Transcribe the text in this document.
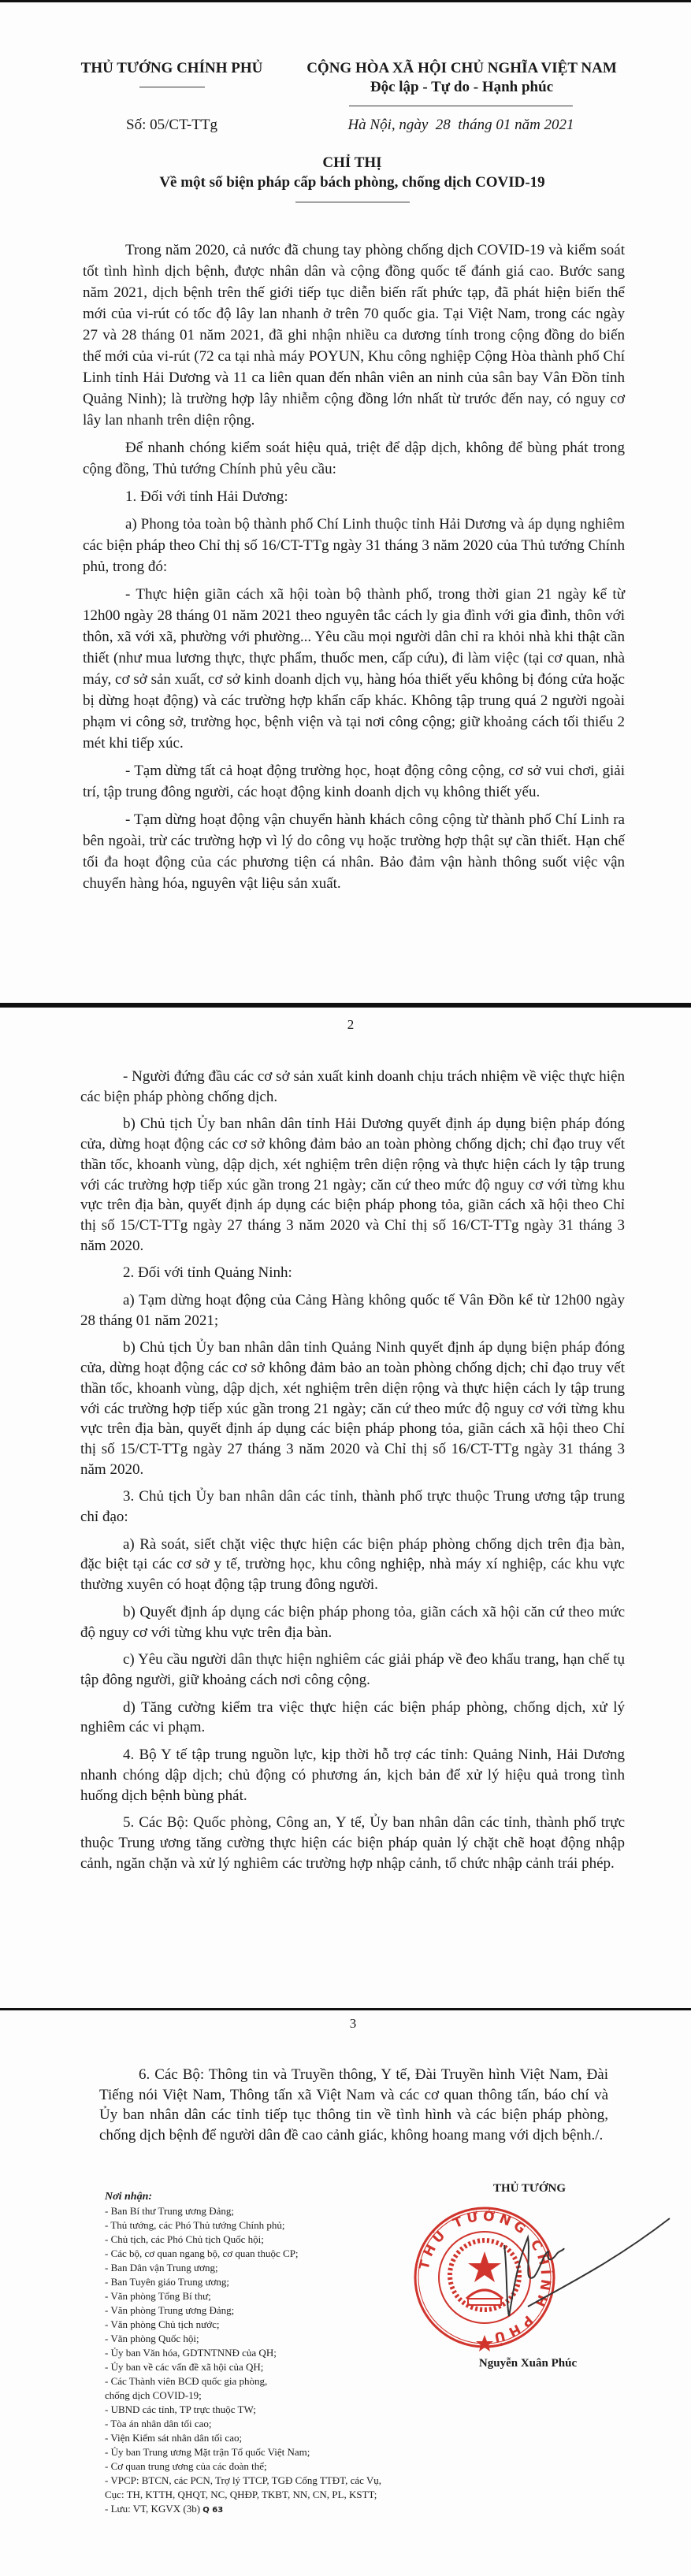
THỦ TƯỚNG CHÍNH PHỦ	CỘNG HÒA XÃ HỘI CHỦ NGHĨA VIỆT NAM
Độc lập - Tự do - Hạnh phúc
Số: 05/CT-TTg	Hà Nội, ngày  28  tháng 01 năm 2021
CHỈ THỊ
Về một số biện pháp cấp bách phòng, chống dịch COVID-19

Trong năm 2020, cả nước đã chung tay phòng chống dịch COVID-19 và kiểm soát tốt tình hình dịch bệnh, được nhân dân và cộng đồng quốc tế đánh giá cao. Bước sang năm 2021, dịch bệnh trên thế giới tiếp tục diễn biến rất phức tạp, đã phát hiện biến thể mới của vi-rút có tốc độ lây lan nhanh ở trên 70 quốc gia. Tại Việt Nam, trong các ngày 27 và 28 tháng 01 năm 2021, đã ghi nhận nhiều ca dương tính trong cộng đồng do biến thể mới của vi-rút (72 ca tại nhà máy POYUN, Khu công nghiệp Cộng Hòa thành phố Chí Linh tỉnh Hải Dương và 11 ca liên quan đến nhân viên an ninh của sân bay Vân Đồn tỉnh Quảng Ninh); là trường hợp lây nhiễm cộng đồng lớn nhất từ trước đến nay, có nguy cơ lây lan nhanh trên diện rộng.

Để nhanh chóng kiểm soát hiệu quả, triệt để dập dịch, không để bùng phát trong cộng đồng, Thủ tướng Chính phủ yêu cầu:

1. Đối với tỉnh Hải Dương:

a) Phong tỏa toàn bộ thành phố Chí Linh thuộc tỉnh Hải Dương và áp dụng nghiêm các biện pháp theo Chỉ thị số 16/CT-TTg ngày 31 tháng 3 năm 2020 của Thủ tướng Chính phủ, trong đó:

- Thực hiện giãn cách xã hội toàn bộ thành phố, trong thời gian 21 ngày kể từ 12h00 ngày 28 tháng 01 năm 2021 theo nguyên tắc cách ly gia đình với gia đình, thôn với thôn, xã với xã, phường với phường... Yêu cầu mọi người dân chỉ ra khỏi nhà khi thật cần thiết (như mua lương thực, thực phẩm, thuốc men, cấp cứu), đi làm việc (tại cơ quan, nhà máy, cơ sở sản xuất, cơ sở kinh doanh dịch vụ, hàng hóa thiết yếu không bị đóng cửa hoặc bị dừng hoạt động) và các trường hợp khẩn cấp khác. Không tập trung quá 2 người ngoài phạm vi công sở, trường học, bệnh viện và tại nơi công cộng; giữ khoảng cách tối thiểu 2 mét khi tiếp xúc.

- Tạm dừng tất cả hoạt động trường học, hoạt động công cộng, cơ sở vui chơi, giải trí, tập trung đông người, các hoạt động kinh doanh dịch vụ không thiết yếu.

- Tạm dừng hoạt động vận chuyển hành khách công cộng từ thành phố Chí Linh ra bên ngoài, trừ các trường hợp vì lý do công vụ hoặc trường hợp thật sự cần thiết. Hạn chế tối đa hoạt động của các phương tiện cá nhân. Bảo đảm vận hành thông suốt việc vận chuyển hàng hóa, nguyên vật liệu sản xuất.

2

- Người đứng đầu các cơ sở sản xuất kinh doanh chịu trách nhiệm về việc thực hiện các biện pháp phòng chống dịch.

b) Chủ tịch Ủy ban nhân dân tỉnh Hải Dương quyết định áp dụng biện pháp đóng cửa, dừng hoạt động các cơ sở không đảm bảo an toàn phòng chống dịch; chỉ đạo truy vết thần tốc, khoanh vùng, dập dịch, xét nghiệm trên diện rộng và thực hiện cách ly tập trung với các trường hợp tiếp xúc gần trong 21 ngày; căn cứ theo mức độ nguy cơ với từng khu vực trên địa bàn, quyết định áp dụng các biện pháp phong tỏa, giãn cách xã hội theo Chỉ thị số 15/CT-TTg ngày 27 tháng 3 năm 2020 và Chỉ thị số 16/CT-TTg ngày 31 tháng 3 năm 2020.

2. Đối với tỉnh Quảng Ninh:

a) Tạm dừng hoạt động của Cảng Hàng không quốc tế Vân Đồn kể từ 12h00 ngày 28 tháng 01 năm 2021;

b) Chủ tịch Ủy ban nhân dân tỉnh Quảng Ninh quyết định áp dụng biện pháp đóng cửa, dừng hoạt động các cơ sở không đảm bảo an toàn phòng chống dịch; chỉ đạo truy vết thần tốc, khoanh vùng, dập dịch, xét nghiệm trên diện rộng và thực hiện cách ly tập trung với các trường hợp tiếp xúc gần trong 21 ngày; căn cứ theo mức độ nguy cơ với từng khu vực trên địa bàn, quyết định áp dụng các biện pháp phong tỏa, giãn cách xã hội theo Chỉ thị số 15/CT-TTg ngày 27 tháng 3 năm 2020 và Chỉ thị số 16/CT-TTg ngày 31 tháng 3 năm 2020.

3. Chủ tịch Ủy ban nhân dân các tỉnh, thành phố trực thuộc Trung ương tập trung chỉ đạo:

a) Rà soát, siết chặt việc thực hiện các biện pháp phòng chống dịch trên địa bàn, đặc biệt tại các cơ sở y tế, trường học, khu công nghiệp, nhà máy xí nghiệp, các khu vực thường xuyên có hoạt động tập trung đông người.

b) Quyết định áp dụng các biện pháp phong tỏa, giãn cách xã hội căn cứ theo mức độ nguy cơ với từng khu vực trên địa bàn.

c) Yêu cầu người dân thực hiện nghiêm các giải pháp về đeo khẩu trang, hạn chế tụ tập đông người, giữ khoảng cách nơi công cộng.

d) Tăng cường kiểm tra việc thực hiện các biện pháp phòng, chống dịch, xử lý nghiêm các vi phạm.

4. Bộ Y tế tập trung nguồn lực, kịp thời hỗ trợ các tỉnh: Quảng Ninh, Hải Dương nhanh chóng dập dịch; chủ động có phương án, kịch bản để xử lý hiệu quả trong tình huống dịch bệnh bùng phát.

5. Các Bộ: Quốc phòng, Công an, Y tế, Ủy ban nhân dân các tỉnh, thành phố trực thuộc Trung ương tăng cường thực hiện các biện pháp quản lý chặt chẽ hoạt động nhập cảnh, ngăn chặn và xử lý nghiêm các trường hợp nhập cảnh, tổ chức nhập cảnh trái phép.

3

6. Các Bộ: Thông tin và Truyền thông, Y tế, Đài Truyền hình Việt Nam, Đài Tiếng nói Việt Nam, Thông tấn xã Việt Nam và các cơ quan thông tấn, báo chí và Ủy ban nhân dân các tỉnh tiếp tục thông tin về tình hình và các biện pháp phòng, chống dịch bệnh để người dân đề cao cảnh giác, không hoang mang với dịch bệnh./.

Nơi nhận:
- Ban Bí thư Trung ương Đảng;
- Thủ tướng, các Phó Thủ tướng Chính phủ;
- Chủ tịch, các Phó Chủ tịch Quốc hội;
- Các bộ, cơ quan ngang bộ, cơ quan thuộc CP;
- Ban Dân vận Trung ương;
- Ban Tuyên giáo Trung ương;
- Văn phòng Tổng Bí thư;
- Văn phòng Trung ương Đảng;
- Văn phòng Chủ tịch nước;
- Văn phòng Quốc hội;
- Ủy ban Văn hóa, GDTNTNNĐ của QH;
- Ủy ban về các vấn đề xã hội của QH;
- Các Thành viên BCĐ quốc gia phòng,
chống dịch COVID-19;
- UBND các tỉnh, TP trực thuộc TW;
- Tòa án nhân dân tối cao;
- Viện Kiểm sát nhân dân tối cao;
- Ủy ban Trung ương Mặt trận Tổ quốc Việt Nam;
- Cơ quan trung ương của các đoàn thể;
- VPCP: BTCN, các PCN, Trợ lý TTCP, TGĐ Cổng TTĐT, các Vụ,
Cục: TH, KTTH, QHQT, NC, QHĐP, TKBT, NN, CN, PL, KSTT;
- Lưu: VT, KGVX (3b) Q 63
THỦ TƯỚNG
THỦ TƯỚNG CHÍNH PHỦ
Nguyễn Xuân Phúc
